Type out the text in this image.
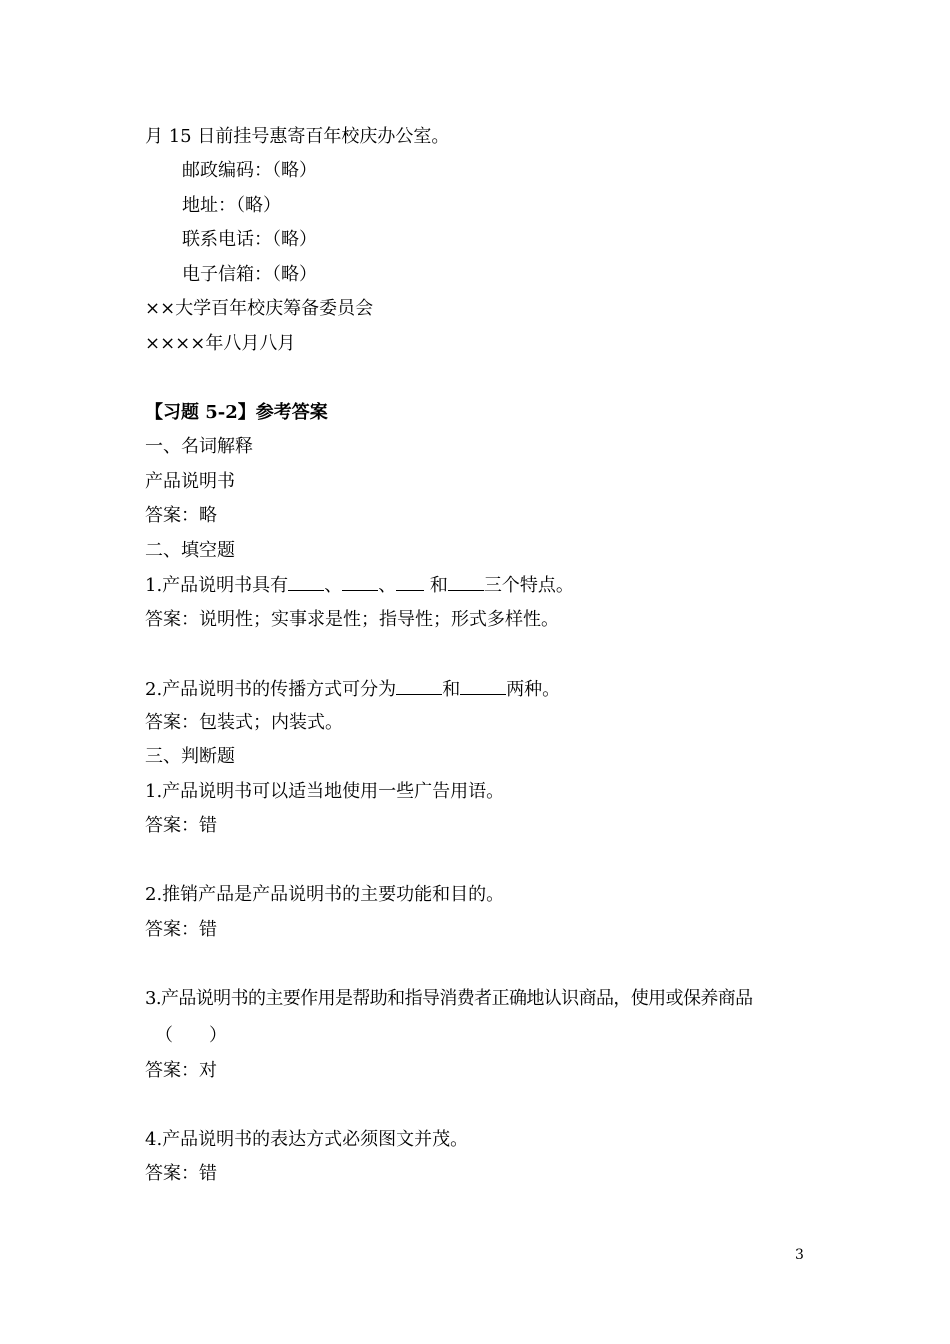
月 15 日前挂号惠寄百年校庆办公室。
邮政编码：（略）
地址：（略）
联系电话：（略）
电子信箱：（略）
××大学百年校庆筹备委员会
××××年八月八月
【习题 5-2】参考答案
一、名词解释
产品说明书
答案：略
二、填空题
1.产品说明书具有 、 、 和 三个特点。
答案：说明性；实事求是性；指导性；形式多样性。
2.产品说明书的传播方式可分为	和	两种。
答案：包装式；内装式。
三、判断题
1.产品说明书可以适当地使用一些广告用语。
答案：错
2.推销产品是产品说明书的主要功能和目的。
答案：错
3.产品说明书的主要作用是帮助和指导消费者正确地认识商品，使用或保养商品
（　　）
答案：对
4.产品说明书的表达方式必须图文并茂。
答案：错
3
